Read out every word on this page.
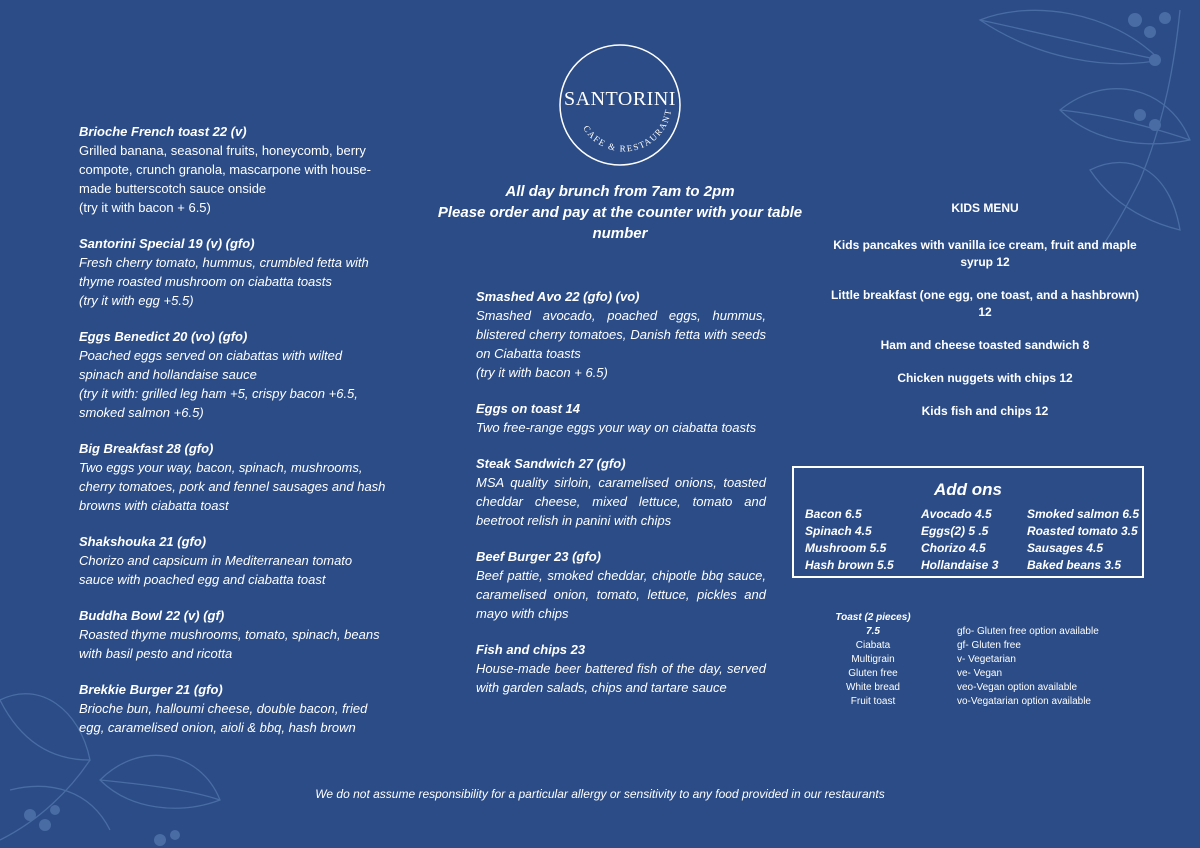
SANTORINI
CAFE & RESTAURANT
All day brunch from 7am to 2pm
Please order and pay at the counter with your table number
Brioche French toast 22 (v)
Grilled banana, seasonal fruits, honeycomb, berry compote, crunch granola, mascarpone with house-made butterscotch sauce onside
(try it with bacon + 6.5)
Santorini Special 19 (v) (gfo)
Fresh cherry tomato, hummus, crumbled fetta with thyme roasted mushroom on ciabatta toasts
(try it with egg +5.5)
Eggs Benedict 20 (vo) (gfo)
Poached eggs served on ciabattas with wilted spinach and hollandaise sauce
(try it with: grilled leg ham +5, crispy bacon +6.5, smoked salmon +6.5)
Big Breakfast 28 (gfo)
Two eggs your way, bacon, spinach, mushrooms, cherry tomatoes, pork and fennel sausages and hash browns with ciabatta toast
Shakshouka 21 (gfo)
Chorizo and capsicum in Mediterranean tomato sauce with poached egg and ciabatta toast
Buddha Bowl 22 (v) (gf)
Roasted thyme mushrooms, tomato, spinach, beans with basil pesto and ricotta
Brekkie Burger 21 (gfo)
Brioche bun, halloumi cheese, double bacon, fried egg, caramelised onion, aioli & bbq, hash brown
Smashed Avo 22 (gfo) (vo)
Smashed avocado, poached eggs, hummus, blistered cherry tomatoes, Danish fetta with seeds on Ciabatta toasts
(try it with bacon + 6.5)
Eggs on toast 14
Two free-range eggs your way on ciabatta toasts
Steak Sandwich 27 (gfo)
MSA quality sirloin, caramelised onions, toasted cheddar cheese, mixed lettuce, tomato and beetroot relish in panini with chips
Beef Burger 23 (gfo)
Beef pattie, smoked cheddar, chipotle bbq sauce, caramelised onion, tomato, lettuce, pickles and mayo with chips
Fish and chips 23
House-made beer battered fish of the day, served with garden salads, chips and tartare sauce
KIDS MENU
Kids pancakes with vanilla ice cream, fruit and maple syrup 12
Little breakfast (one egg, one toast, and a hashbrown) 12
Ham and cheese toasted sandwich 8
Chicken nuggets with chips 12
Kids fish and chips 12
Add ons
Bacon 6.5	Avocado 4.5	Smoked salmon 6.5
Spinach 4.5	Eggs(2) 5 .5	Roasted tomato 3.5
Mushroom 5.5	Chorizo 4.5	Sausages 4.5
Hash brown 5.5	Hollandaise 3	Baked beans 3.5
Toast (2 pieces)
7.5
Ciabata
Multigrain
Gluten free
White bread
Fruit toast
gfo- Gluten free option available
gf- Gluten free
v- Vegetarian
ve- Vegan
veo-Vegan option available
vo-Vegatarian option available
We do not assume responsibility for a particular allergy or sensitivity to any food provided in our restaurants
